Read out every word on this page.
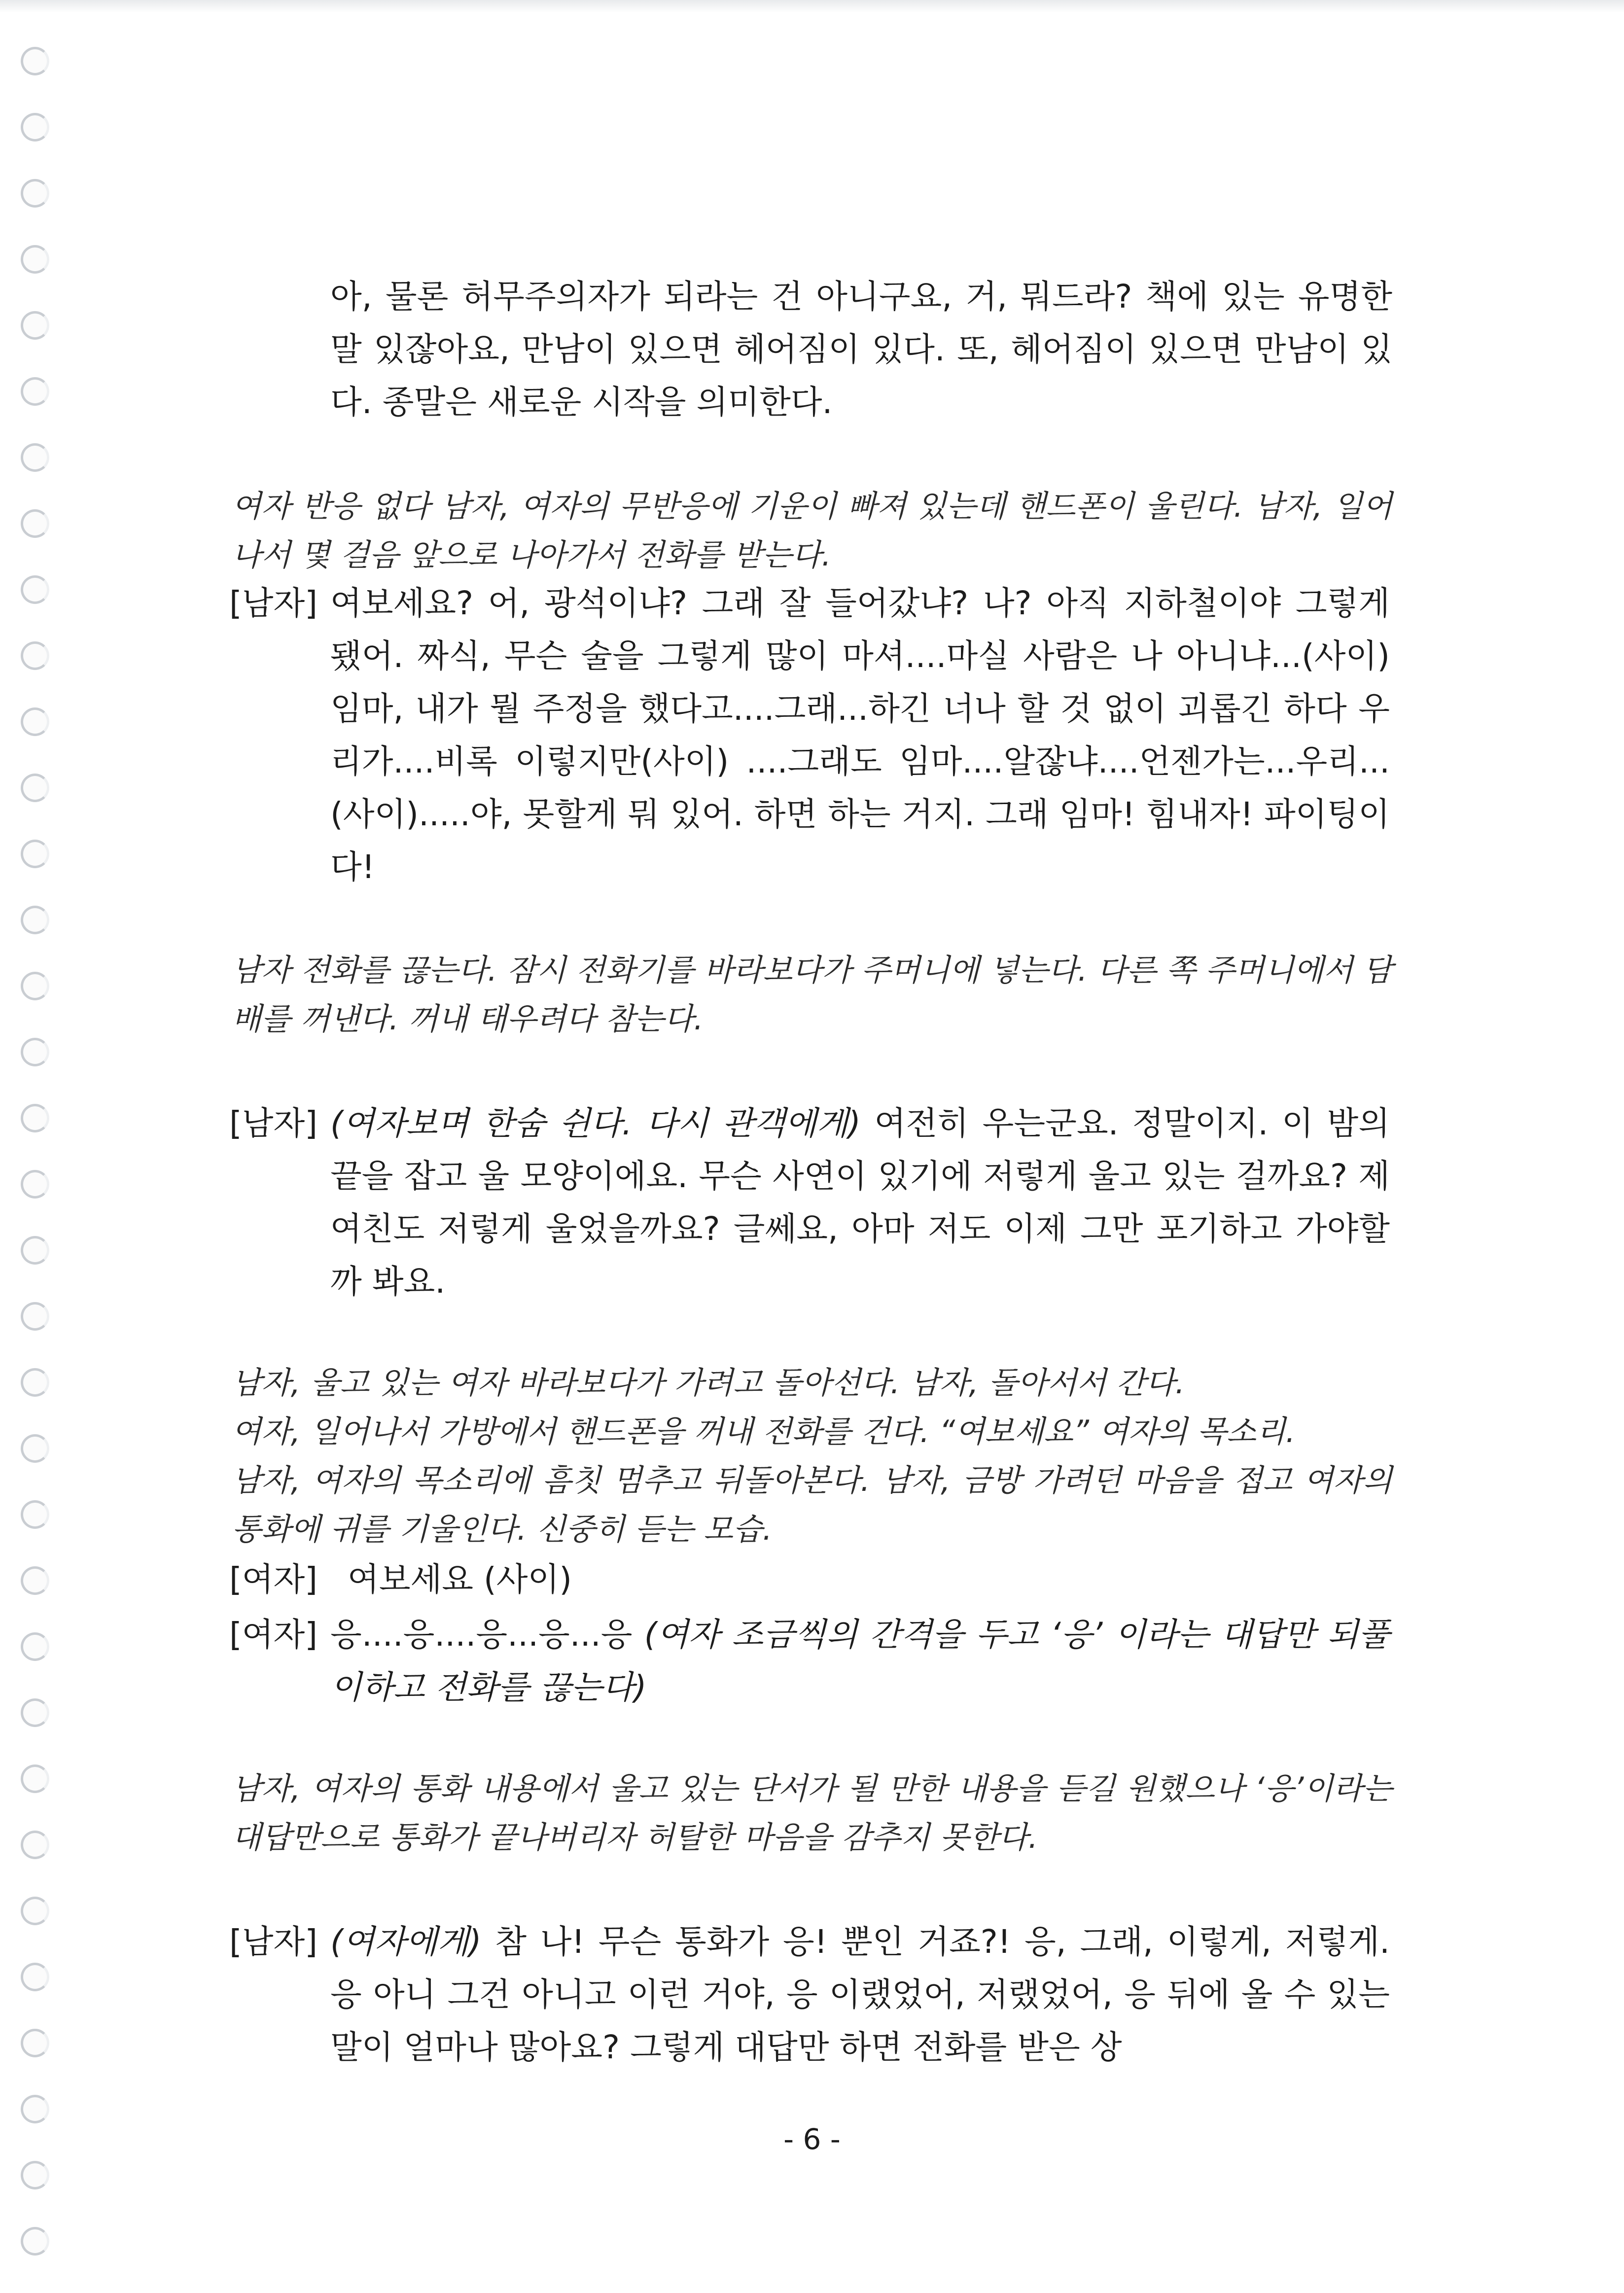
아, 물론 허무주의자가 되라는 건 아니구요, 거, 뭐드라? 책에 있는 유명한 말 있잖아요, 만남이 있으면 헤어짐이 있다. 또, 헤어짐이 있으면 만남이 있다. 종말은 새로운 시작을 의미한다.
여자 반응 없다 남자, 여자의 무반응에 기운이 빠져 있는데 핸드폰이 울린다. 남자, 일어나서 몇 걸음 앞으로 나아가서 전화를 받는다.
[남자] 여보세요? 어, 광석이냐? 그래 잘 들어갔냐? 나? 아직 지하철이야 그렇게 됐어. 짜식, 무슨 술을 그렇게 많이 마셔....마실 사람은 나 아니냐...(사이)임마, 내가 뭘 주정을 했다고....그래...하긴 너나 할 것 없이 괴롭긴 하다 우리가....비록 이렇지만(사이) ....그래도 임마....알잖냐....언젠가는...우리...(사이).....야, 못할게 뭐 있어. 하면 하는 거지. 그래 임마! 힘내자! 파이팅이다!
남자 전화를 끊는다. 잠시 전화기를 바라보다가 주머니에 넣는다. 다른 쪽 주머니에서 담배를 꺼낸다. 꺼내 태우려다 참는다.
[남자] (여자보며 한숨 쉰다. 다시 관객에게) 여전히 우는군요. 정말이지. 이 밤의 끝을 잡고 울 모양이에요. 무슨 사연이 있기에 저렇게 울고 있는 걸까요? 제 여친도 저렇게 울었을까요? 글쎄요, 아마 저도 이제 그만 포기하고 가야할까 봐요.
남자, 울고 있는 여자 바라보다가 가려고 돌아선다. 남자, 돌아서서 간다.
여자, 일어나서 가방에서 핸드폰을 꺼내 전화를 건다. “여보세요” 여자의 목소리.
남자, 여자의 목소리에 흠칫 멈추고 뒤돌아본다. 남자, 금방 가려던 마음을 접고 여자의 통화에 귀를 기울인다. 신중히 듣는 모습.
[여자] 여보세요 (사이)
[여자] 응....응....응...응...응 (여자 조금씩의 간격을 두고 ‘응’ 이라는 대답만 되풀이하고 전화를 끊는다)
남자, 여자의 통화 내용에서 울고 있는 단서가 될 만한 내용을 듣길 원했으나 ‘응’이라는 대답만으로 통화가 끝나버리자 허탈한 마음을 감추지 못한다.
[남자] (여자에게) 참 나! 무슨 통화가 응! 뿐인 거죠?! 응, 그래, 이렇게, 저렇게. 응 아니 그건 아니고 이런 거야, 응 이랬었어, 저랬었어, 응 뒤에 올 수 있는 말이 얼마나 많아요? 그렇게 대답만 하면 전화를 받은 상
- 6 -
